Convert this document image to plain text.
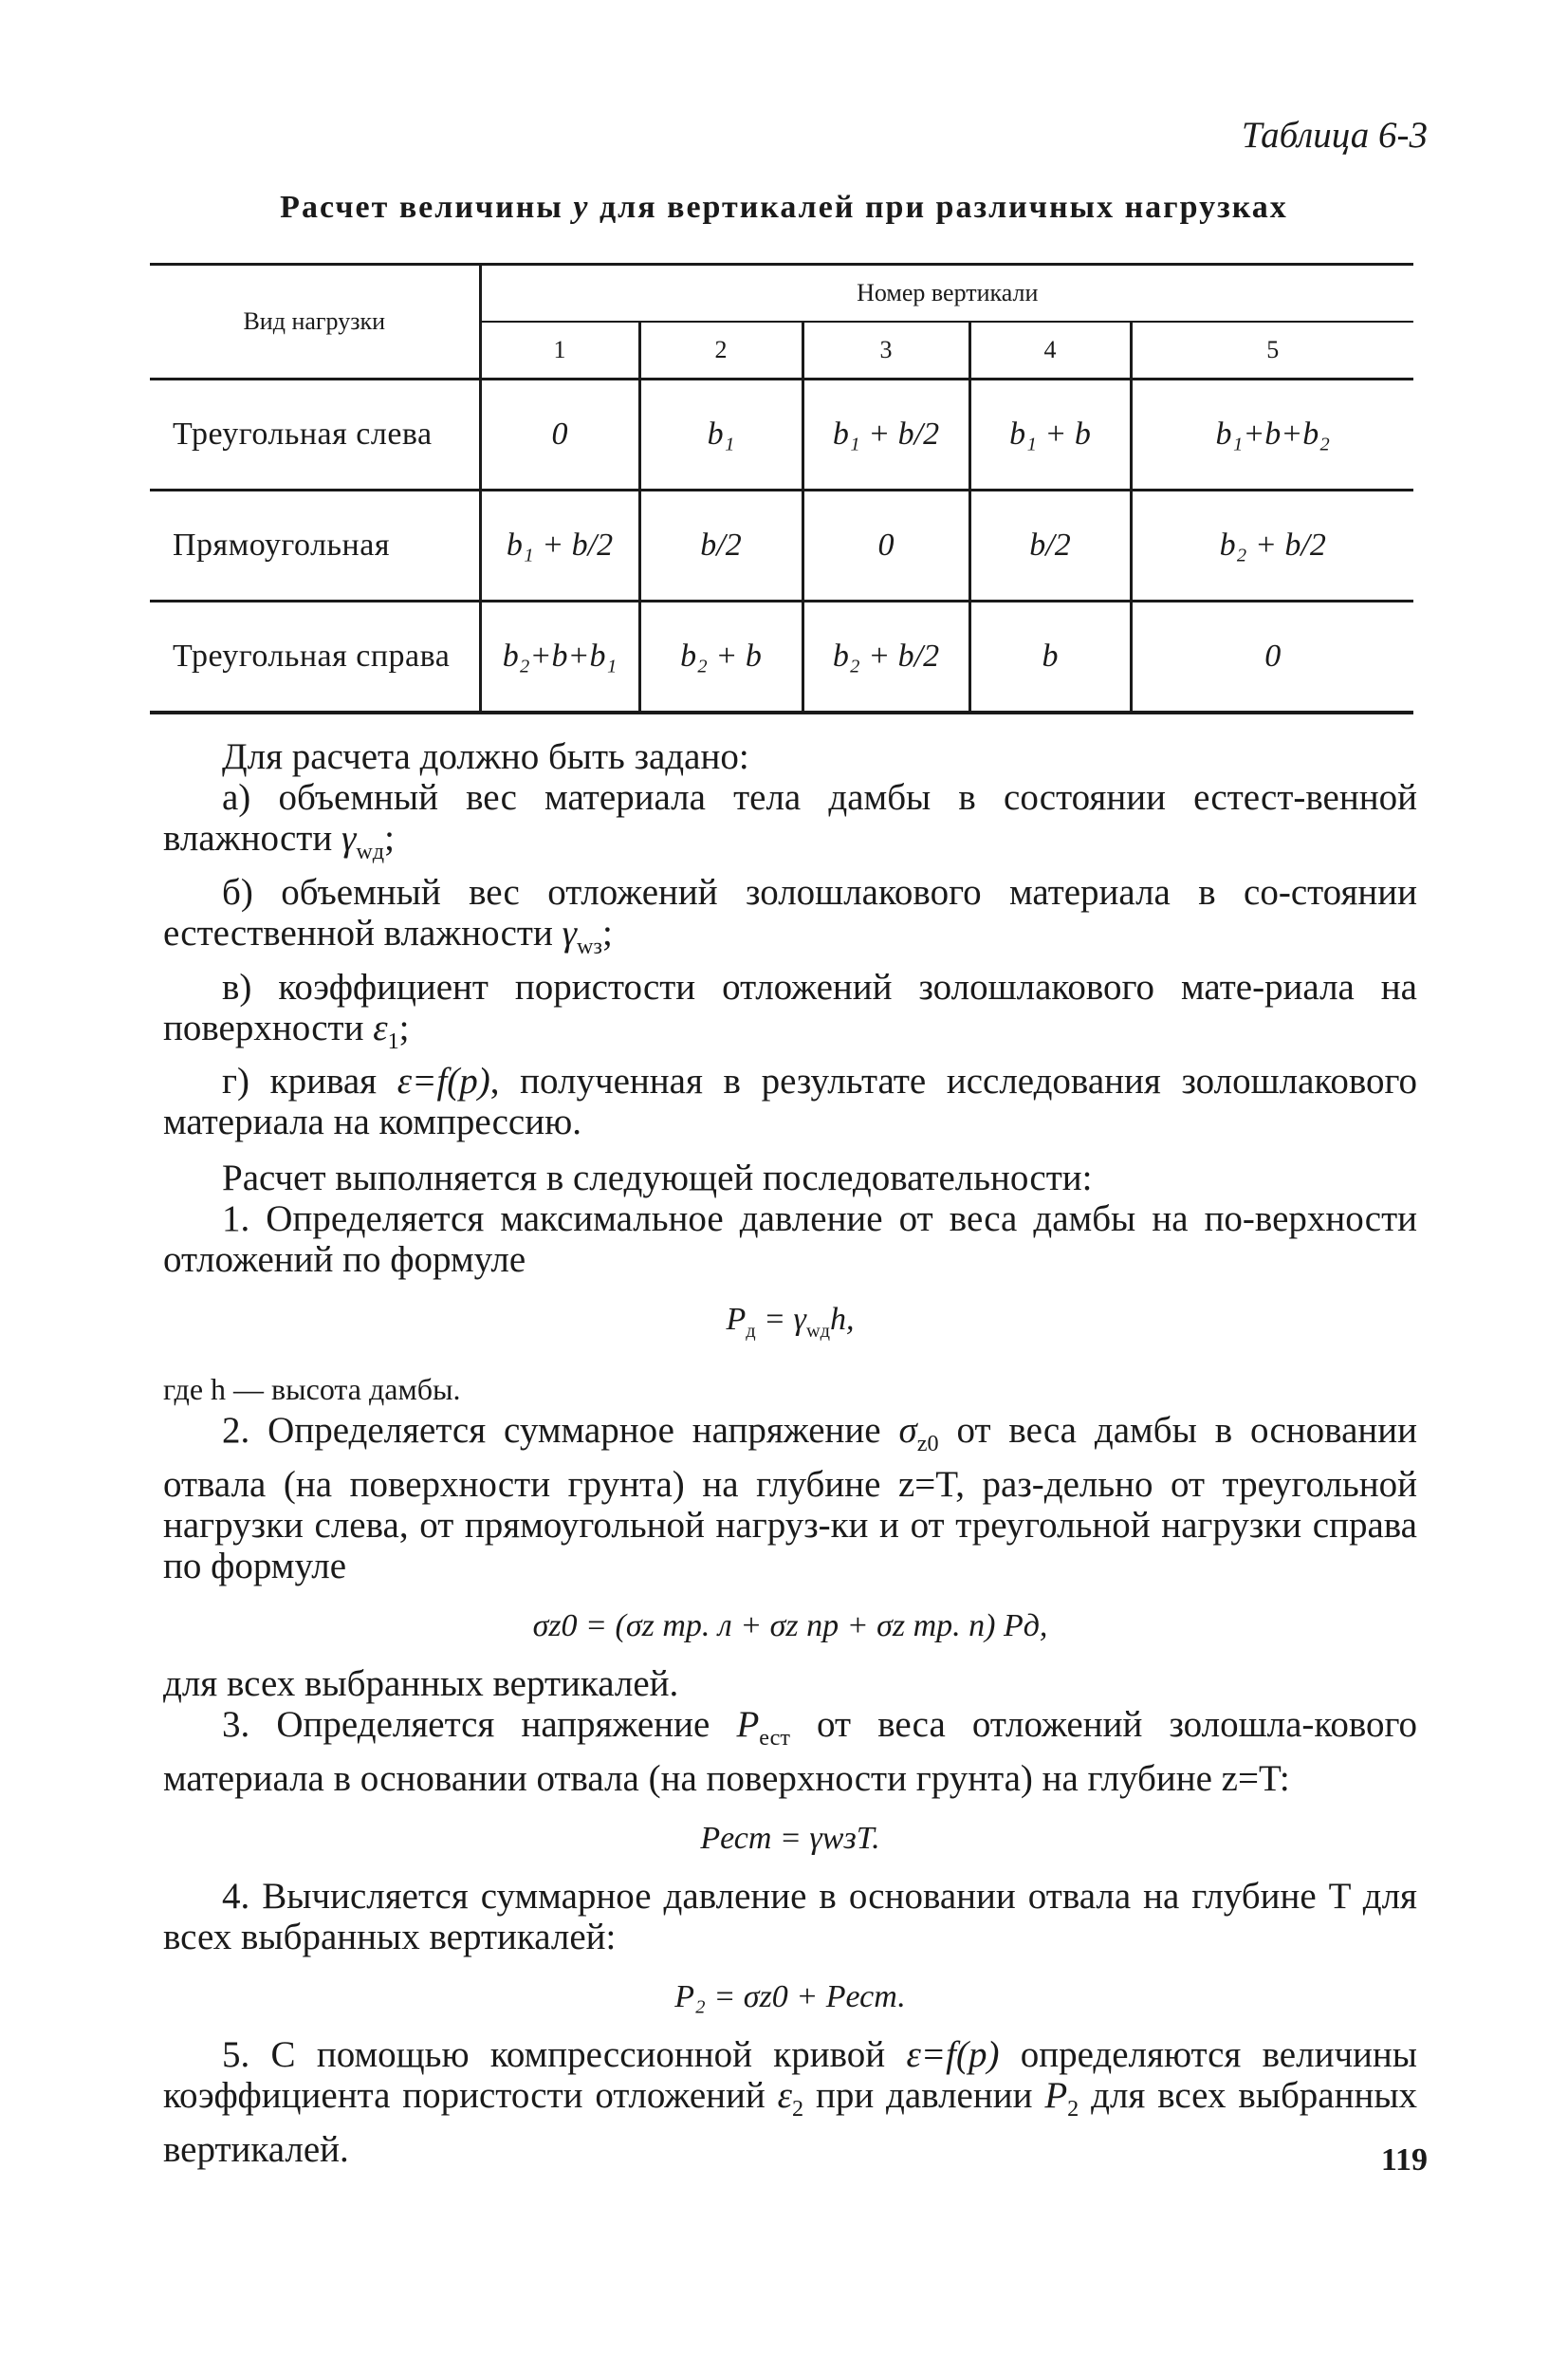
Таблица 6-3
Расчет величины y для вертикалей при различных нагрузках
Вид нагрузки	Номер вертикали				
	1	2	3	4	5
Треугольная слева	0	b₁	b₁ + b/2	b₁ + b	b₁+b+b₂
Прямоугольная	b₁ + b/2	b/2	0	b/2	b₂ + b/2
Треугольная справа	b₂+b+b₁	b₂ + b	b₂ + b/2	b	0

Для расчета должно быть задано:

а) объемный вес материала тела дамбы в состоянии естест-венной влажности $\gamma_{wд}$;

б) объемный вес отложений золошлакового материала в со-стоянии естественной влажности $\gamma_{wз}$;

в) коэффициент пористости отложений золошлакового мате-риала на поверхности $\varepsilon_1$;

г) кривая ε=f(p), полученная в результате исследования золошлакового материала на компрессию.

Расчет выполняется в следующей последовательности:

1. Определяется максимальное давление от веса дамбы на по-верхности отложений по формуле

$P_д = \gamma_{wд}h$,

где h — высота дамбы.

2. Определяется суммарное напряжение $\sigma_{z0}$ от веса дамбы в основании отвала (на поверхности грунта) на глубине z=T, раз-дельно от треугольной нагрузки слева, от прямоугольной нагруз-ки и от треугольной нагрузки справа по формуле

σz0 = (σz тр. л + σz пр + σz тр. п) Pд,

для всех выбранных вертикалей.

3. Определяется напряжение $P_{ест}$ от веса отложений золошла-кового материала в основании отвала (на поверхности грунта) на глубине z=T:

Pест = γwзT.

4. Вычисляется суммарное давление в основании отвала на глубине T для всех выбранных вертикалей:

P₂ = σz0 + Pест.

5. С помощью компрессионной кривой ε=f(p) определяются величины коэффициента пористости отложений $\varepsilon_2$ при давлении $P_2$ для всех выбранных вертикалей.	119
